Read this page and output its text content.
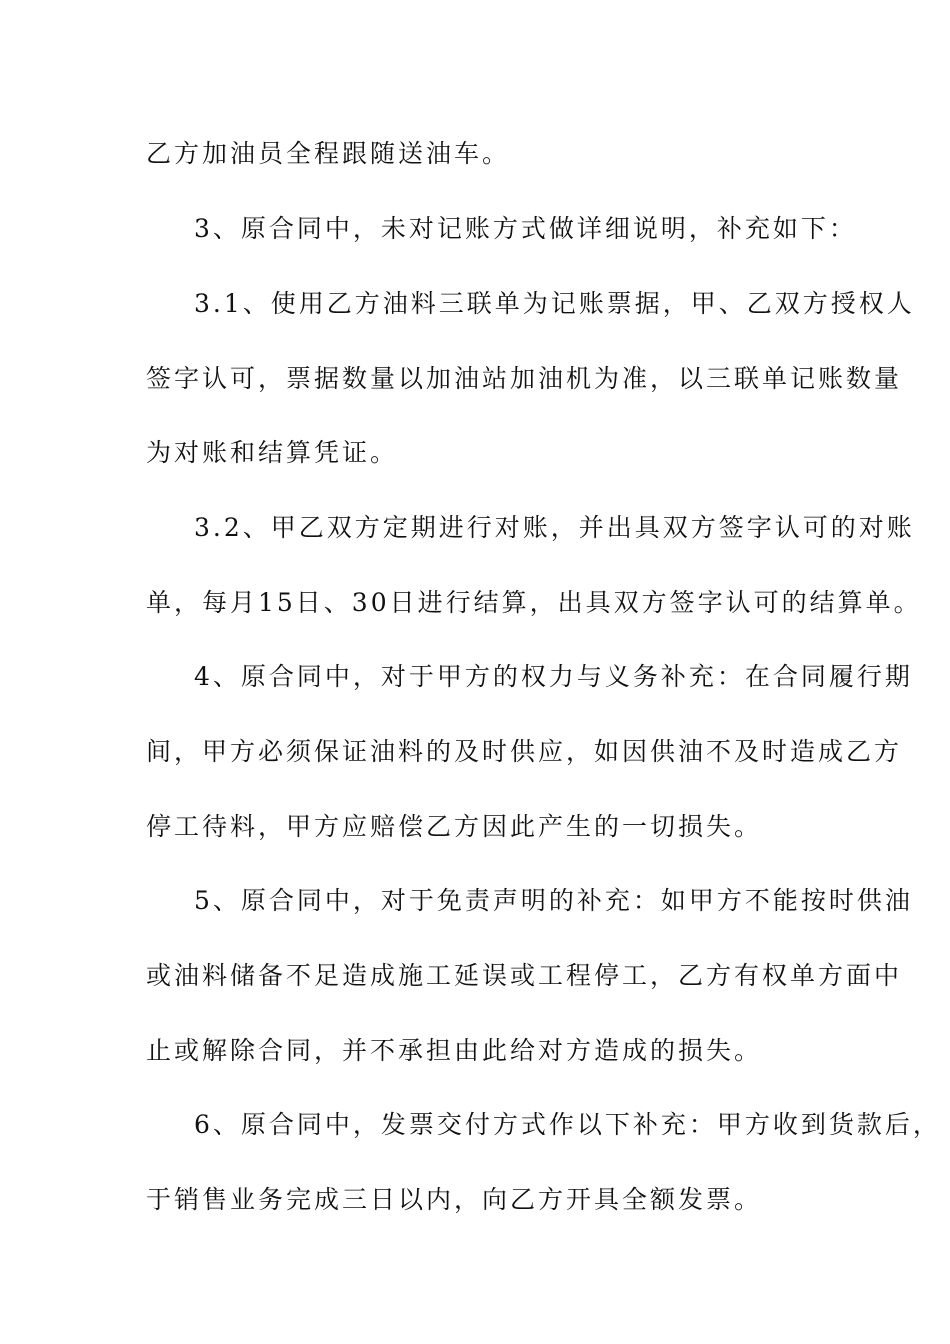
乙方加油员全程跟随送油车。
3、原合同中，未对记账方式做详细说明，补充如下：
3.1、使用乙方油料三联单为记账票据，甲、乙双方授权人
签字认可，票据数量以加油站加油机为准，以三联单记账数量
为对账和结算凭证。
3.2、甲乙双方定期进行对账，并出具双方签字认可的对账
单，每月15日、30日进行结算，出具双方签字认可的结算单。
4、原合同中，对于甲方的权力与义务补充：在合同履行期
间，甲方必须保证油料的及时供应，如因供油不及时造成乙方
停工待料，甲方应赔偿乙方因此产生的一切损失。
5、原合同中，对于免责声明的补充：如甲方不能按时供油
或油料储备不足造成施工延误或工程停工，乙方有权单方面中
止或解除合同，并不承担由此给对方造成的损失。
6、原合同中，发票交付方式作以下补充：甲方收到货款后，
于销售业务完成三日以内，向乙方开具全额发票。
